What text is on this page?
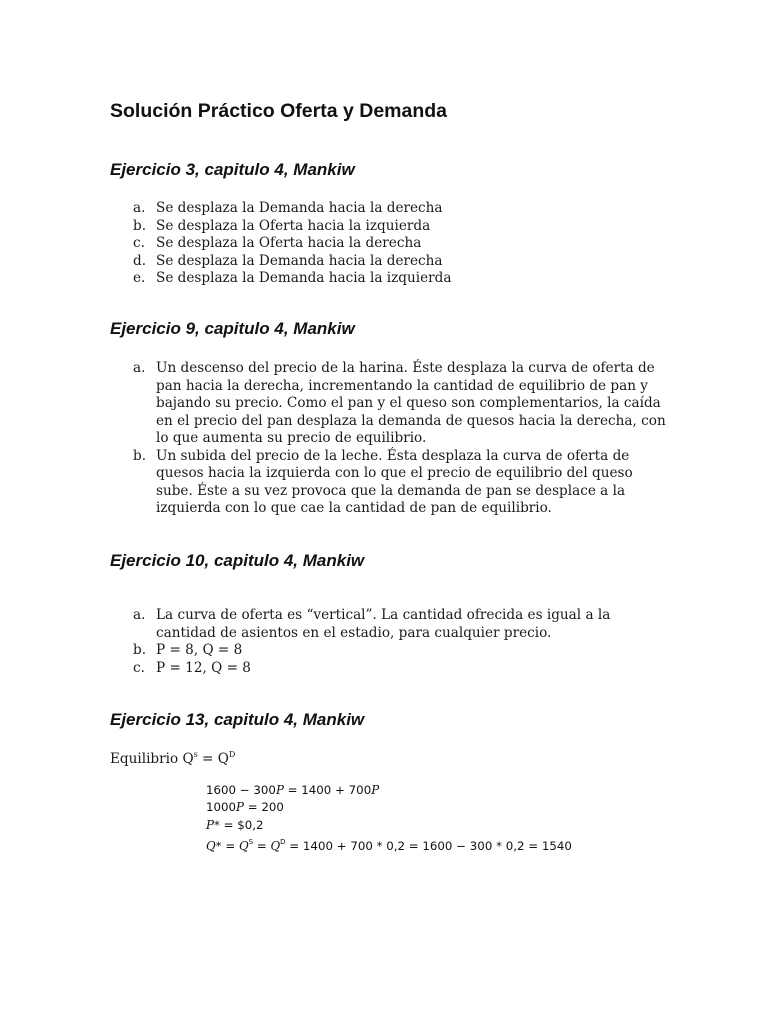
Solución Práctico Oferta y Demanda
Ejercicio 3, capitulo 4, Mankiw
a. Se desplaza la Demanda hacia la derecha
b. Se desplaza la Oferta hacia la izquierda
c. Se desplaza la Oferta hacia la derecha
d. Se desplaza la Demanda hacia la derecha
e. Se desplaza la Demanda hacia la izquierda
Ejercicio 9, capitulo 4, Mankiw
a. Un descenso del precio de la harina. Éste desplaza la curva de oferta de
pan hacia la derecha, incrementando la cantidad de equilibrio de pan y
bajando su precio. Como el pan y el queso son complementarios, la caída
en el precio del pan desplaza la demanda de quesos hacia la derecha, con
lo que aumenta su precio de equilibrio.
b. Un subida del precio de la leche. Ésta desplaza la curva de oferta de
quesos hacia la izquierda con lo que el precio de equilibrio del queso
sube. Éste a su vez provoca que la demanda de pan se desplace a la
izquierda con lo que cae la cantidad de pan de equilibrio.
Ejercicio 10, capitulo 4, Mankiw
a. La curva de oferta es “vertical”. La cantidad ofrecida es igual a la
cantidad de asientos en el estadio, para cualquier precio.
b. P = 8, Q = 8
c. P = 12, Q = 8
Ejercicio 13, capitulo 4, Mankiw
Equilibrio $Q^s = Q^D$
1600 − 300P = 1400 + 700P
1000P = 200
P* = $0,2
$Q* = Q^S = Q^D = 1400 + 700 * 0,2 = 1600 - 300 * 0,2 = 1540$
